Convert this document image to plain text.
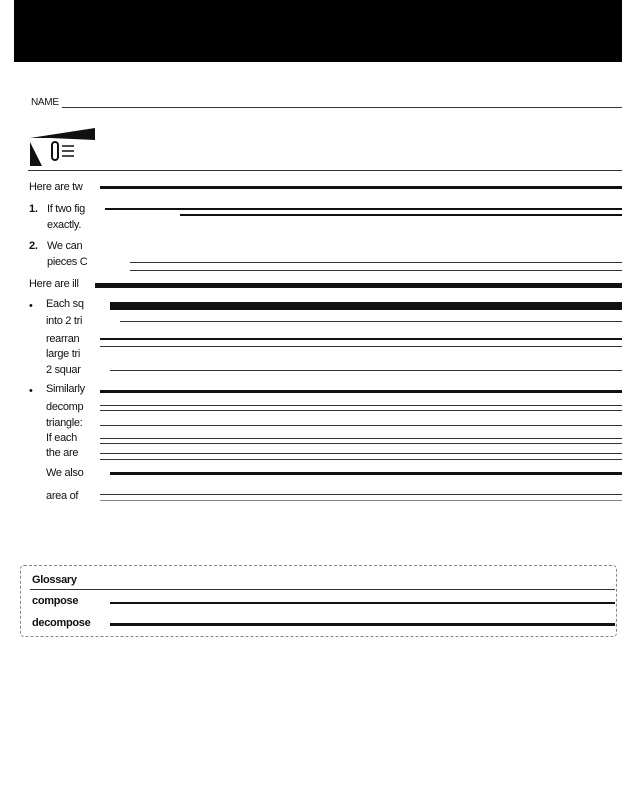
NAME
Here are tw
1. If two fig
exactly.
2. We can
pieces C
Here are ill
• Each sq
into 2 tri
rearran
large tri
2 squar
• Similarly
decomp
triangle:
If each
the are
We also
area of
Glossary
compose
decompose
